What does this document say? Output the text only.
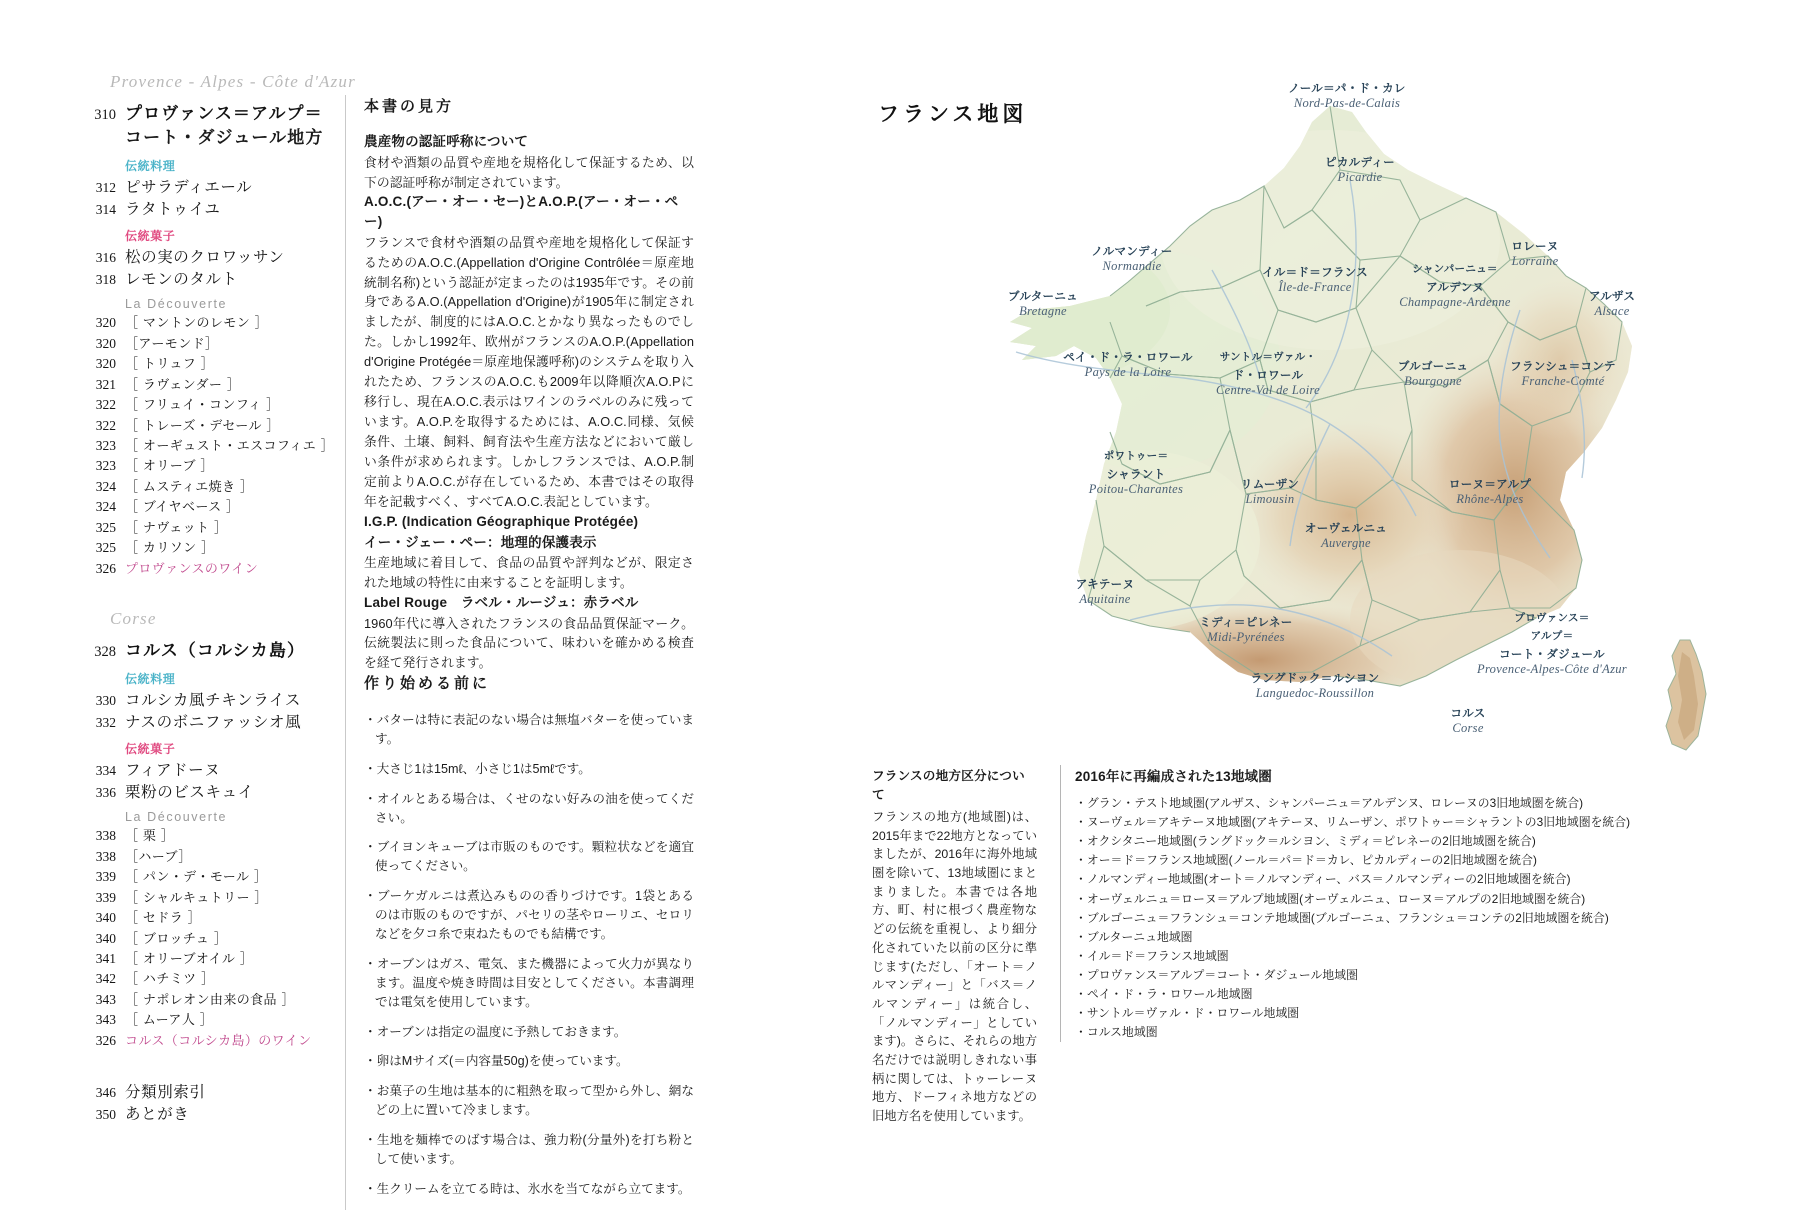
Provence - Alpes - Côte d'Azur
310 プロヴァンス＝アルプ＝
コート・ダジュール地方
伝統料理
312 ピサラディエール
314 ラタトゥイユ
伝統菓子
316 松の実のクロワッサン
318 レモンのタルト
La Découverte
320 ［ マントンのレモン ］
320 ［アーモンド］
320 ［ トリュフ ］
321 ［ ラヴェンダー ］
322 ［ フリュイ・コンフィ ］
322 ［ トレーズ・デセール ］
323 ［ オーギュスト・エスコフィエ ］
323 ［ オリーブ ］
324 ［ ムスティエ焼き ］
324 ［ ブイヤベース ］
325 ［ ナヴェット ］
325 ［ カリソン ］
326 プロヴァンスのワイン
Corse
328 コルス（コルシカ島）
伝統料理
330 コルシカ風チキンライス
332 ナスのボニファッシオ風
伝統菓子
334 フィアドーヌ
336 栗粉のビスキュイ
La Découverte
338 ［ 栗 ］
338 ［ハーブ］
339 ［ パン・デ・モール ］
339 ［ シャルキュトリー ］
340 ［ セドラ ］
340 ［ ブロッチュ ］
341 ［ オリーブオイル ］
342 ［ ハチミツ ］
343 ［ ナポレオン由来の食品 ］
343 ［ ムーア人 ］
326 コルス（コルシカ島）のワイン
346 分類別索引
350 あとがき
本書の見方
農産物の認証呼称について

食材や酒類の品質や産地を規格化して保証するため、以下の認証呼称が制定されています。

A.O.C.(アー・オー・セー)とA.O.P.(アー・オー・ペー)

フランスで食材や酒類の品質や産地を規格化して保証するためのA.O.C.(Appellation d'Origine Contrôlée＝原産地統制名称)という認証が定まったのは1935年です。その前身であるA.O.(Appellation d'Origine)が1905年に制定されましたが、制度的にはA.O.C.とかなり異なったものでした。しかし1992年、欧州がフランスのA.O.P.(Appellation d'Origine Protégée＝原産地保護呼称)のシステムを取り入れたため、フランスのA.O.C.も2009年以降順次A.O.Pに移行し、現在A.O.C.表示はワインのラベルのみに残っています。A.O.P.を取得するためには、A.O.C.同様、気候条件、土壌、飼料、飼育法や生産方法などにおいて厳しい条件が求められます。しかしフランスでは、A.O.P.制定前よりA.O.C.が存在しているため、本書ではその取得年を記載すべく、すべてA.O.C.表記としています。

I.G.P. (Indication Géographique Protégée)
イー・ジェー・ペー：地理的保護表示

生産地域に着目して、食品の品質や評判などが、限定された地域の特性に由来することを証明します。

Label Rouge　ラベル・ルージュ：赤ラベル

1960年代に導入されたフランスの食品品質保証マーク。伝統製法に則った食品について、味わいを確かめる検査を経て発行されます。

作り始める前に
・バターは特に表記のない場合は無塩バターを使っています。
・大さじ1は15mℓ、小さじ1は5mℓです。
・オイルとある場合は、くせのない好みの油を使ってください。
・ブイヨンキューブは市販のものです。顆粒状などを適宜使ってください。
・ブーケガルニは煮込みものの香りづけです。1袋とあるのは市販のものですが、パセリの茎やローリエ、セロリなどを夕コ糸で束ねたものでも結構です。
・オーブンはガス、電気、また機器によって火力が異なります。温度や焼き時間は目安としてください。本書調理では電気を使用しています。
・オーブンは指定の温度に予熱しておきます。
・卵はMサイズ(＝内容量50g)を使っています。
・お菓子の生地は基本的に粗熱を取って型から外し、網などの上に置いて冷まします。
・生地を麺棒でのばす場合は、強力粉(分量外)を打ち粉として使います。
・生クリームを立てる時は、氷水を当てながら立てます。
フランス地図
ノール＝パ・ド・カレ
Nord-Pas-de-Calais
ピカルディー
Picardie
ノルマンディー
Normandie	イル＝ド＝フランス
Île-de-France
ロレーヌ
Lorraine
シャンパーニュ＝
アルデンヌ
Champagne-Ardenne	アルザス
Alsace
ブルターニュ
Bretagne
ペイ・ド・ラ・ロワール
Pays de la Loire
サントル＝ヴァル・
ド・ロワール
Centre-Val de Loire
ブルゴーニュ
Bourgogne
フランシュ＝コンテ
Franche-Comté
ポワトゥー＝
シャラント
Poitou-Charantes	リムーザン
Limousin
ローヌ＝アルプ
Rhône-Alpes
オーヴェルニュ
Auvergne
アキテーヌ
Aquitaine
ミディ＝ピレネー
Midi-Pyrénées
プロヴァンス＝
アルプ＝
コート・ダジュール
Provence-Alpes-Côte d'Azur
ラングドック＝ルシヨン
Languedoc-Roussillon
コルス
Corse
フランスの地方区分について

フランスの地方(地域圏)は、2015年まで22地方となっていましたが、2016年に海外地域圏を除いて、13地域圏にまとまりました。本書では各地方、町、村に根づく農産物などの伝統を重視し、より細分化されていた以前の区分に準じます(ただし、「オート＝ノルマンディー」と「バス＝ノルマンディー」は統合し、「ノルマンディー」としています)。さらに、それらの地方名だけでは説明しきれない事柄に関しては、トゥーレーヌ地方、ドーフィネ地方などの旧地方名を使用しています。

2016年に再編成された13地域圏
・グラン・テスト地域圏(アルザス、シャンパーニュ＝アルデンヌ、ロレーヌの3旧地域圏を統合)
・ヌーヴェル＝アキテーヌ地域圏(アキテーヌ、リムーザン、ポワトゥー＝シャラントの3旧地域圏を統合)
・オクシタニー地域圏(ラングドック＝ルシヨン、ミディ＝ピレネーの2旧地域圏を統合)
・オー＝ド＝フランス地域圏(ノール＝パ＝ド＝カレ、ピカルディーの2旧地域圏を統合)
・ノルマンディー地域圏(オート＝ノルマンディー、バス＝ノルマンディーの2旧地域圏を統合)
・オーヴェルニュ＝ローヌ＝アルプ地域圏(オーヴェルニュ、ローヌ＝アルプの2旧地域圏を統合)
・ブルゴーニュ＝フランシュ＝コンテ地域圏(ブルゴーニュ、フランシュ＝コンテの2旧地域圏を統合)
・ブルターニュ地域圏
・イル＝ド＝フランス地域圏
・プロヴァンス＝アルプ＝コート・ダジュール地域圏
・ペイ・ド・ラ・ロワール地域圏
・サントル＝ヴァル・ド・ロワール地域圏
・コルス地域圏
